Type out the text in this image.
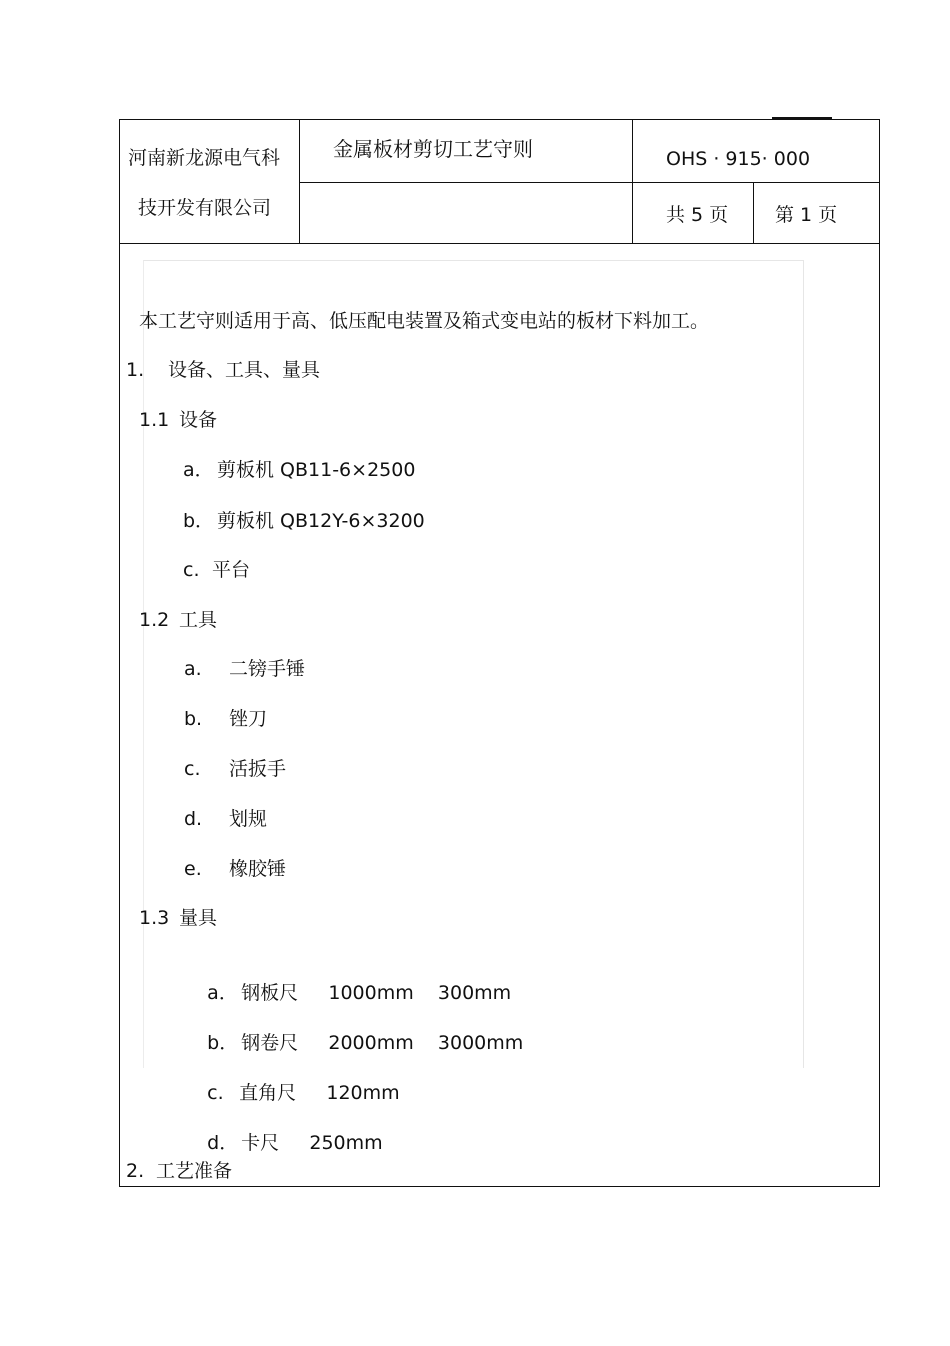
河南新龙源电气科
技开发有限公司
金属板材剪切工艺守则	OHS · 915· 000
共 5 页 第 1 页
本工艺守则适用于高、低压配电装置及箱式变电站的板材下料加工。
1. 设备、工具、量具
1.1 设备
a． 剪板机 QB11-6×2500
b． 剪板机 QB12Y-6×3200
c. 平台
1.2 工具
a. 二镑手锤
b. 锉刀
c. 活扳手
d. 划规
e. 橡胶锤
1.3 量具

a． 钢板尺     1000mm    300mm

b． 钢卷尺     2000mm    3000mm

c. 直角尺     120mm

d． 卡尺     250mm

2. 工艺准备
